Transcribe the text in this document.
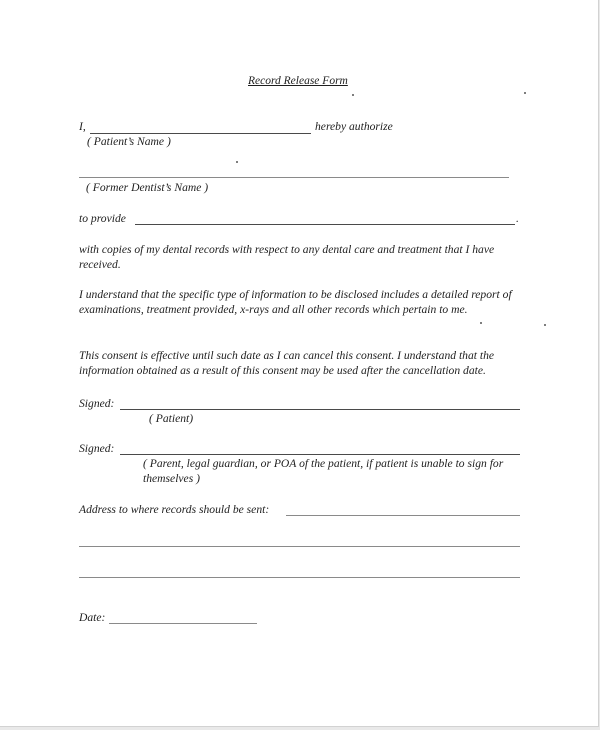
Record Release Form
I,	hereby authorize
( Patient’s Name )
( Former Dentist’s Name )
to provide	.
with copies of my dental records with respect to any dental care and treatment that I have received.
I understand that the specific type of information to be disclosed includes a detailed report of examinations, treatment provided, x-rays and all other records which pertain to me.
This consent is effective until such date as I can cancel this consent. I understand that the information obtained as a result of this consent may be used after the cancellation date.
Signed:
( Patient)
Signed:
( Parent, legal guardian, or POA of the patient, if patient is unable to sign for themselves )
Address to where records should be sent:
Date:
